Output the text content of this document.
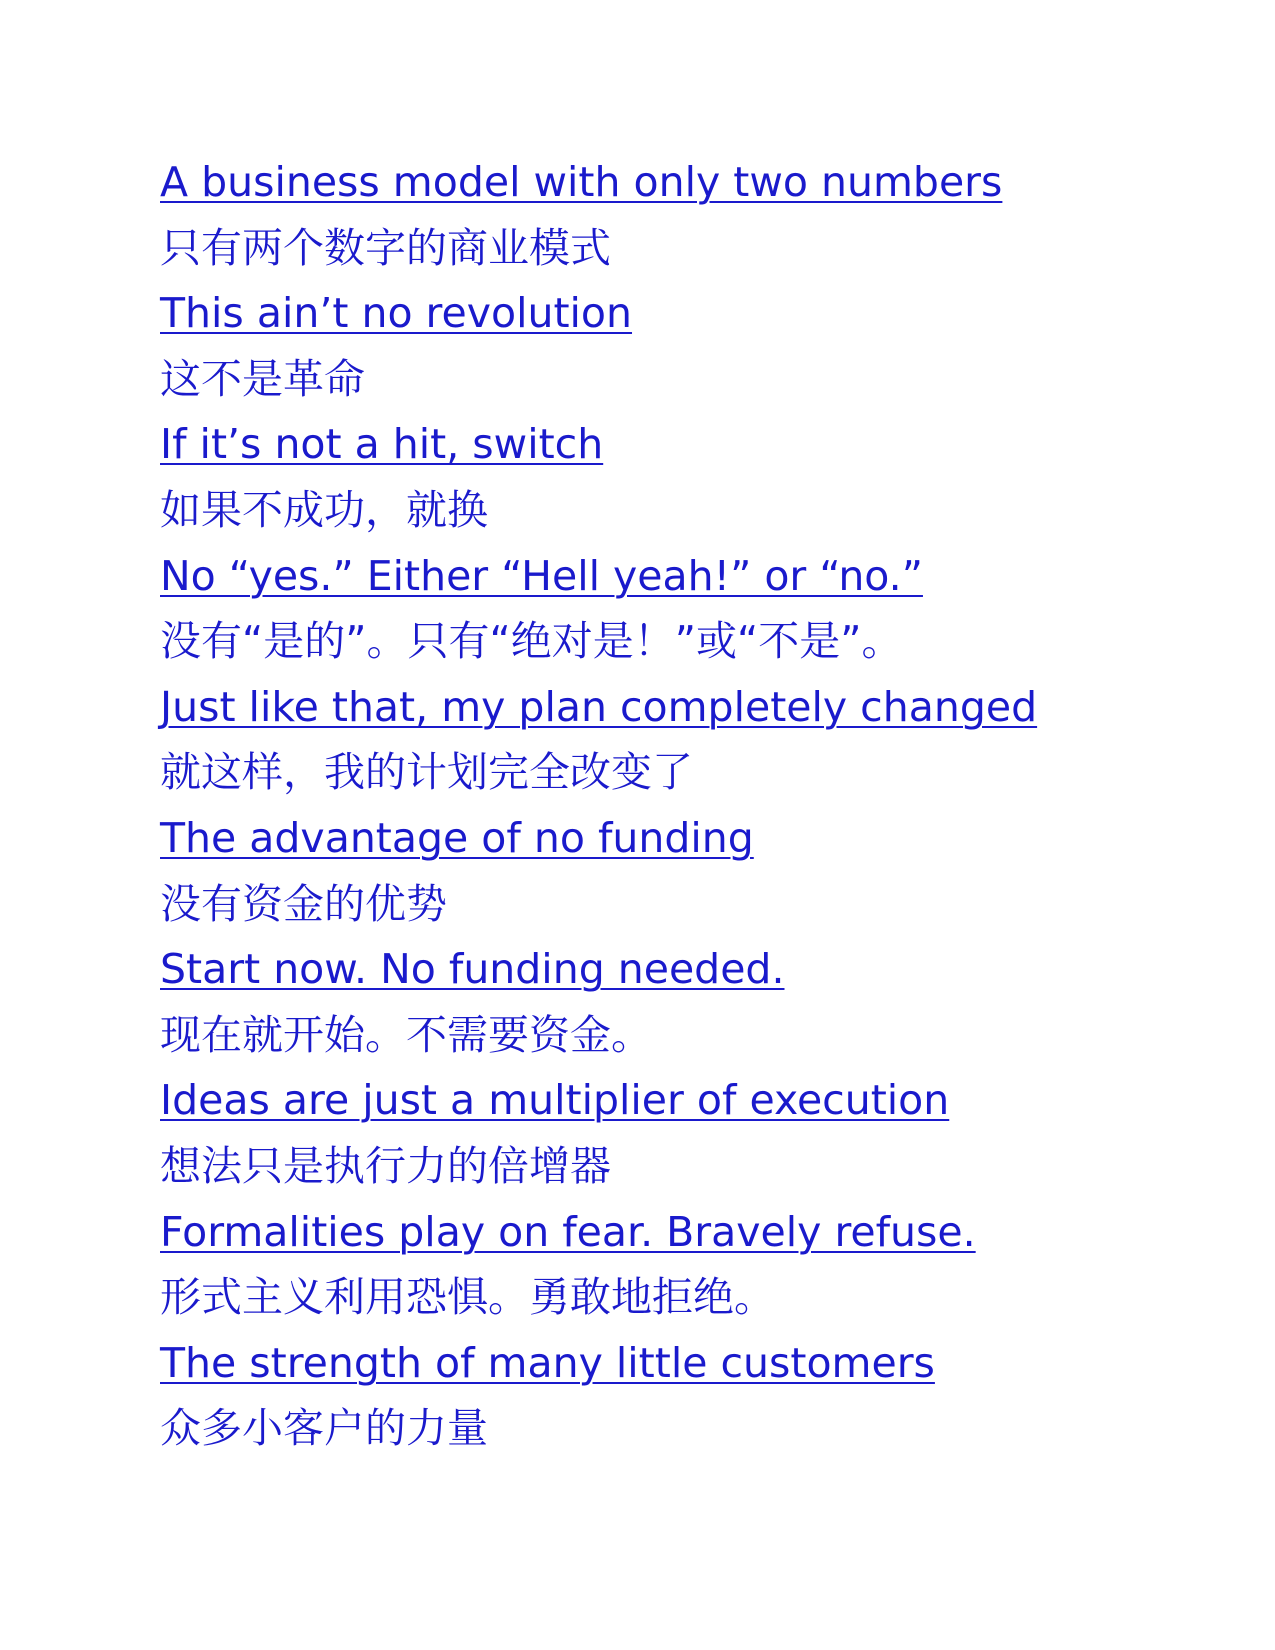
A business model with only two numbers
只有两个数字的商业模式
This ain’t no revolution
这不是革命
If it’s not a hit, switch
如果不成功，就换
No “yes.” Either “Hell yeah!” or “no.”
没有“是的”。只有“绝对是！”或“不是”。
Just like that, my plan completely changed
就这样，我的计划完全改变了
The advantage of no funding
没有资金的优势
Start now. No funding needed.
现在就开始。不需要资金。
Ideas are just a multiplier of execution
想法只是执行力的倍增器
Formalities play on fear. Bravely refuse.
形式主义利用恐惧。勇敢地拒绝。
The strength of many little customers
众多小客户的力量
